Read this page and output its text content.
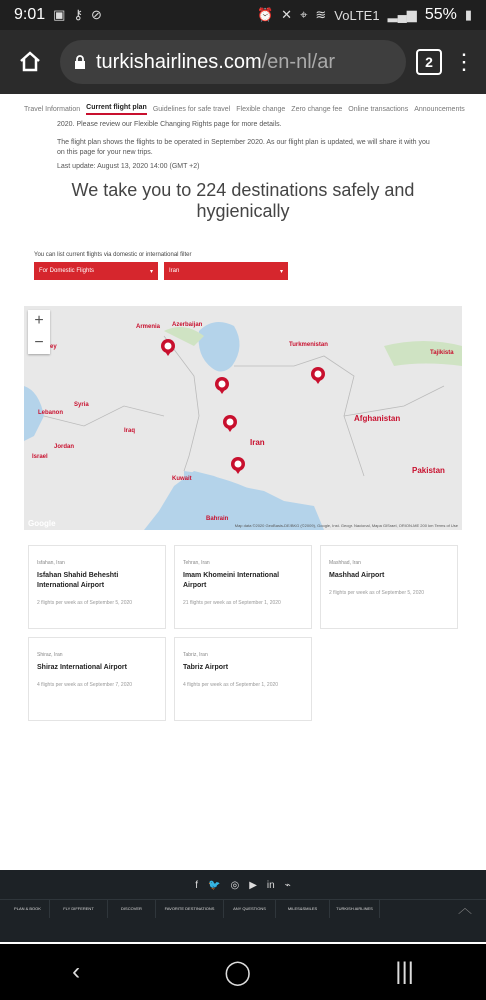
9:01 ▣ ⚷ ⊘	⏰ ✕ ⌖ ≋ VoLTE1 ▂▄▆ 55% ▮
turkishairlines.com/en-nl/ar	2 ⋮
Travel Information Current flight plan Guidelines for safe travel Flexible change Zero change fee Online transactions Announcements

2020. Please review our Flexible Changing Rights page for more details.

The flight plan shows the flights to be operated in September 2020. As our flight plan is updated, we will share it with you on this page for your new trips.

Last update: August 13, 2020 14:00 (GMT +2)

We take you to 224 destinations safely and
hygienically
You can list current flights via domestic or international filter
For Domestic Flights	▾	Iran	▾
+
−
Armenia Azerbaijan
ey	Turkmenistan
Tajikista
Syria
Lebanon
Iraq
Jordan
Israel
Iran
Afghanistan
Kuwait
Pakistan
Bahrain
Google	Map data ©2020 GeoBasis-DE/BKG (©2009), Google, Inst. Geogr. Nacional, Mapa GISrael, ORION-ME 200 km Terms of Use
Isfahan, Iran
Isfahan Shahid Beheshti International Airport
2 flights per week as of September 5, 2020
Tehran, Iran
Imam Khomeini International Airport
21 flights per week as of September 1, 2020
Mashhad, Iran
Mashhad Airport
2 flights per week as of September 5, 2020
Shiraz, Iran
Shiraz International Airport
4 flights per week as of September 7, 2020
Tabriz, Iran
Tabriz Airport
4 flights per week as of September 1, 2020
f 🐦 ◎ ▶ in ⌁
PLAN & BOOK	FLY DIFFERENT	DISCOVER	FAVORITE DESTINATIONS	ANY QUESTIONS	MILES&SMILES	TURKISH AIRLINES	︿
‹	◯	|||
